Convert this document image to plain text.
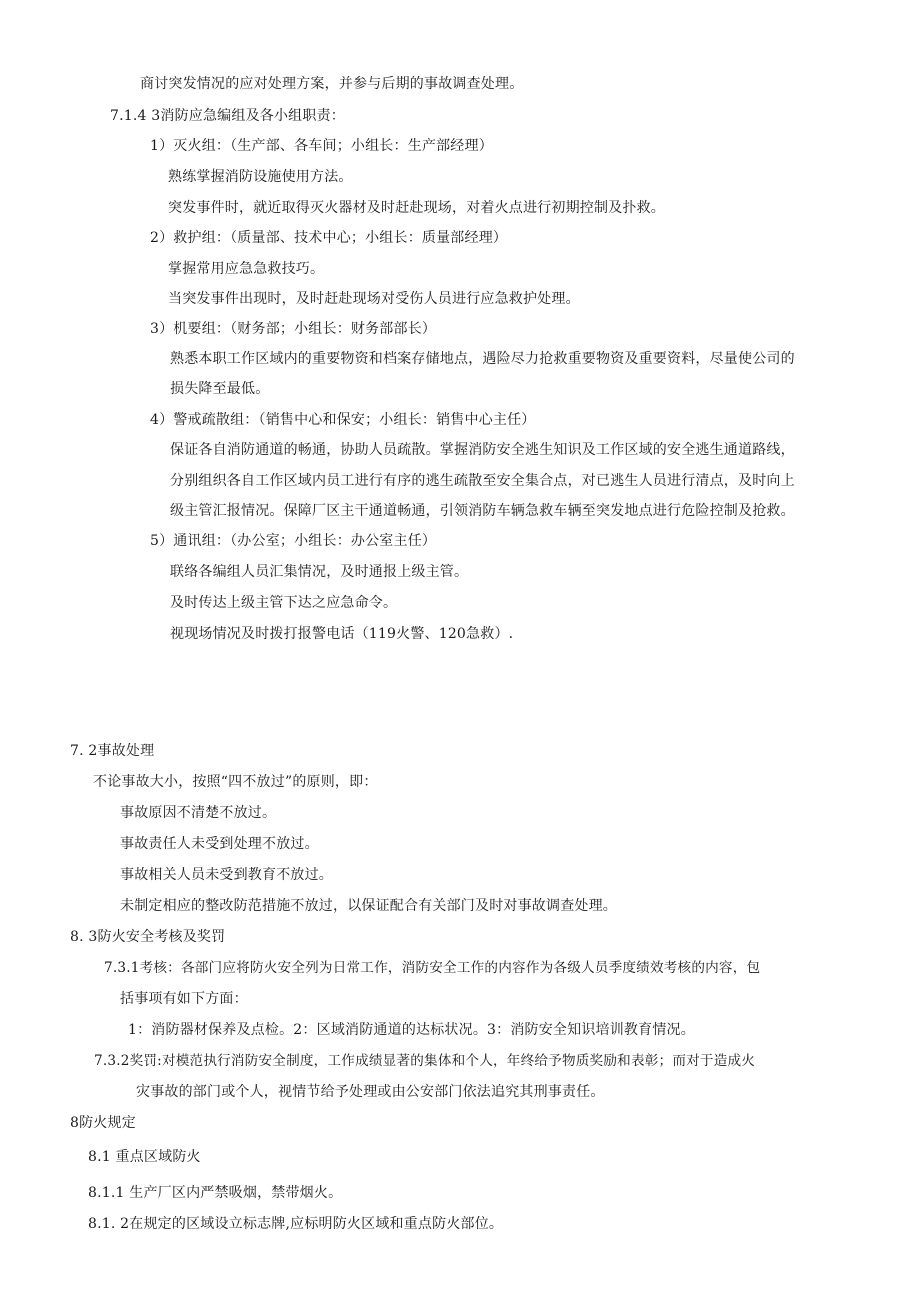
商讨突发情况的应对处理方案，并参与后期的事故调查处理。
7.1.4 3消防应急编组及各小组职责：
1）灭火组：（生产部、各车间；小组长：生产部经理）
熟练掌握消防设施使用方法。
突发事件时，就近取得灭火器材及时赶赴现场，对着火点进行初期控制及扑救。
2）救护组：（质量部、技术中心；小组长：质量部经理）
掌握常用应急急救技巧。
当突发事件出现时，及时赶赴现场对受伤人员进行应急救护处理。
3）机要组：（财务部；小组长：财务部部长）
熟悉本职工作区域内的重要物资和档案存储地点，遇险尽力抢救重要物资及重要资料，尽量使公司的
损失降至最低。
4）警戒疏散组：（销售中心和保安；小组长：销售中心主任）
保证各自消防通道的畅通，协助人员疏散。掌握消防安全逃生知识及工作区域的安全逃生通道路线，
分别组织各自工作区域内员工进行有序的逃生疏散至安全集合点，对已逃生人员进行清点，及时向上
级主管汇报情况。保障厂区主干通道畅通，引领消防车辆急救车辆至突发地点进行危险控制及抢救。
5）通讯组：（办公室；小组长：办公室主任）
联络各编组人员汇集情况，及时通报上级主管。
及时传达上级主管下达之应急命令。
视现场情况及时拨打报警电话（119火警、120急救）.
7. 2事故处理
不论事故大小，按照“四不放过”的原则，即：
事故原因不清楚不放过。
事故责任人未受到处理不放过。
事故相关人员未受到教育不放过。
未制定相应的整改防范措施不放过，以保证配合有关部门及时对事故调查处理。
8. 3防火安全考核及奖罚
7.3.1考核：各部门应将防火安全列为日常工作，消防安全工作的内容作为各级人员季度绩效考核的内容，包
括事项有如下方面：
1：消防器材保养及点检。2：区域消防通道的达标状况。3：消防安全知识培训教育情况。
7.3.2奖罚:对模范执行消防安全制度，工作成绩显著的集体和个人，年终给予物质奖励和表彰；而对于造成火
灾事故的部门或个人，视情节给予处理或由公安部门依法追究其刑事责任。
8防火规定
8.1 重点区域防火
8.1.1 生产厂区内严禁吸烟，禁带烟火。
8.1. 2在规定的区域设立标志牌,应标明防火区域和重点防火部位。
